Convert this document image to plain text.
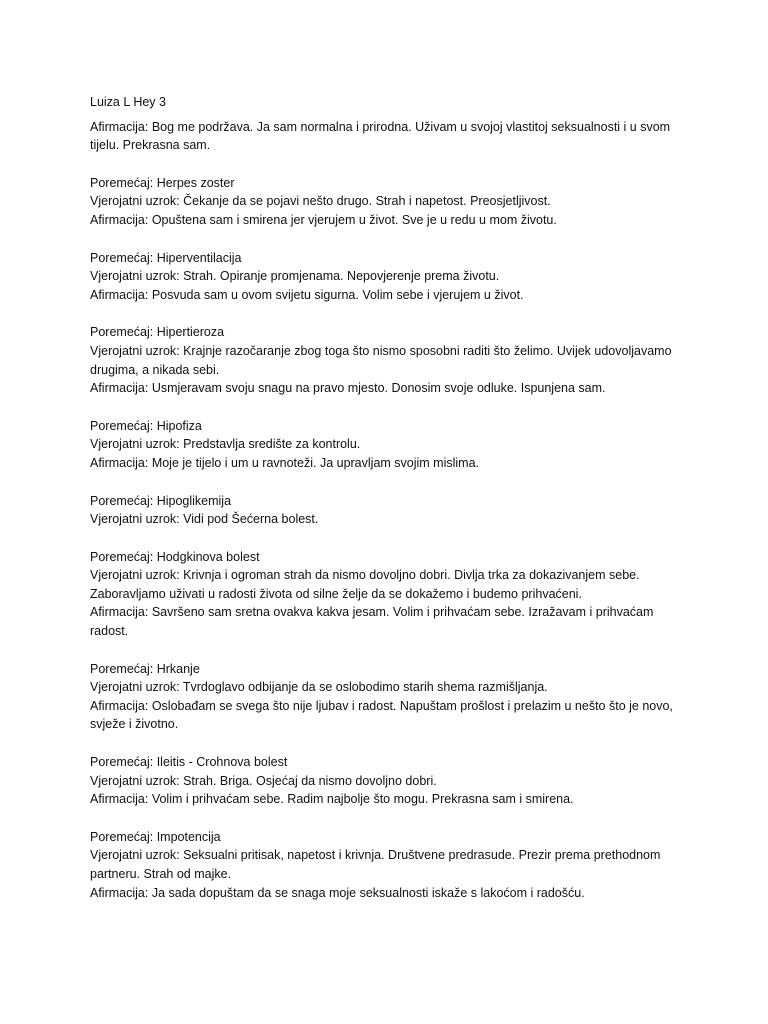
Luiza L Hey 3

Afirmacija: Bog me podržava. Ja sam normalna i prirodna. Uživam u svojoj vlastitoj seksualnosti i u svom tijelu. Prekrasna sam.

Poremećaj: Herpes zoster
Vjerojatni uzrok: Čekanje da se pojavi nešto drugo. Strah i napetost. Preosjetljivost.
Afirmacija: Opuštena sam i smirena jer vjerujem u život. Sve je u redu u mom životu.
Poremećaj: Hiperventilacija
Vjerojatni uzrok: Strah. Opiranje promjenama. Nepovjerenje prema životu.
Afirmacija: Posvuda sam u ovom svijetu sigurna. Volim sebe i vjerujem u život.
Poremećaj: Hipertieroza
Vjerojatni uzrok: Krajnje razočaranje zbog toga što nismo sposobni raditi što želimo. Uvijek udovoljavamo drugima, a nikada sebi.
Afirmacija: Usmjeravam svoju snagu na pravo mjesto. Donosim svoje odluke. Ispunjena sam.
Poremećaj: Hipofiza
Vjerojatni uzrok: Predstavlja središte za kontrolu.
Afirmacija: Moje je tijelo i um u ravnoteži. Ja upravljam svojim mislima.
Poremećaj: Hipoglikemija
Vjerojatni uzrok: Vidi pod Šećerna bolest.
Poremećaj: Hodgkinova bolest
Vjerojatni uzrok: Krivnja i ogroman strah da nismo dovoljno dobri. Divlja trka za dokazivanjem sebe. Zaboravljamo uživati u radosti života od silne želje da se dokažemo i budemo prihvaćeni.
Afirmacija: Savršeno sam sretna ovakva kakva jesam. Volim i prihvaćam sebe. Izražavam i prihvaćam radost.
Poremećaj: Hrkanje
Vjerojatni uzrok: Tvrdoglavo odbijanje da se oslobodimo starih shema razmišljanja.
Afirmacija: Oslobađam se svega što nije ljubav i radost. Napuštam prošlost i prelazim u nešto što je novo, svježe i životno.
Poremećaj: Ileitis - Crohnova bolest
Vjerojatni uzrok: Strah. Briga. Osjećaj da nismo dovoljno dobri.
Afirmacija: Volim i prihvaćam sebe. Radim najbolje što mogu. Prekrasna sam i smirena.
Poremećaj: Impotencija
Vjerojatni uzrok: Seksualni pritisak, napetost i krivnja. Društvene predrasude. Prezir prema prethodnom partneru. Strah od majke.
Afirmacija: Ja sada dopuštam da se snaga moje seksualnosti iskaže s lakoćom i radošću.
